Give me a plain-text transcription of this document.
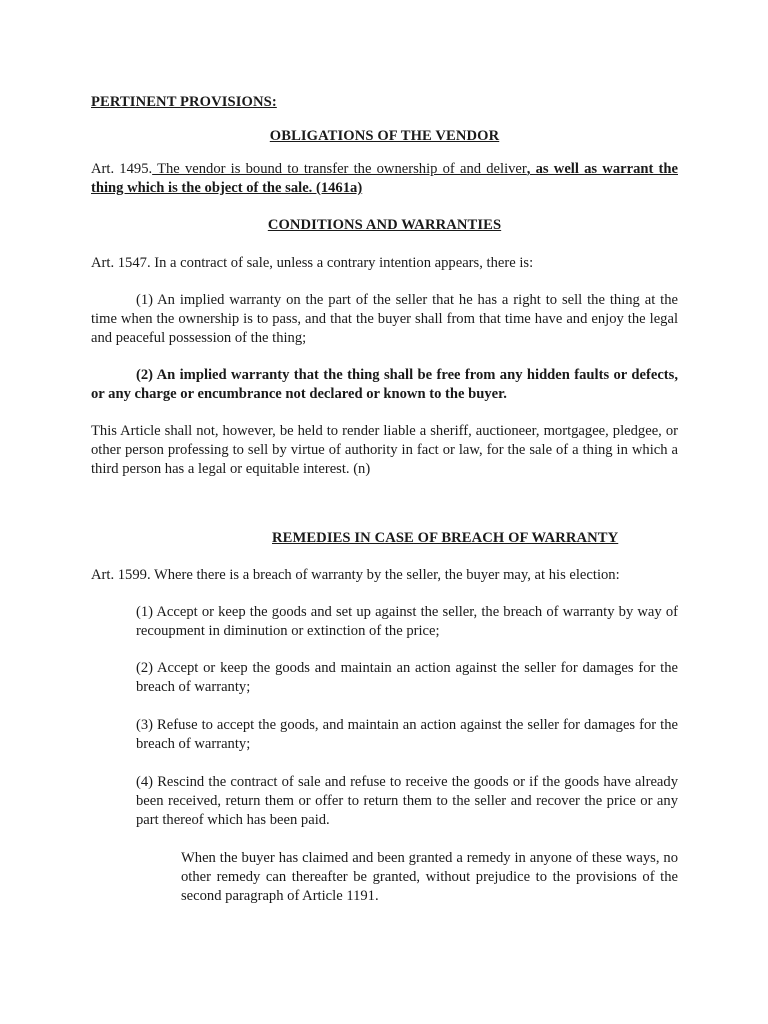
PERTINENT PROVISIONS:

OBLIGATIONS OF THE VENDOR

Art. 1495. The vendor is bound to transfer the ownership of and deliver, as well as warrant the thing which is the object of the sale. (1461a)

CONDITIONS AND WARRANTIES

Art. 1547. In a contract of sale, unless a contrary intention appears, there is:

(1) An implied warranty on the part of the seller that he has a right to sell the thing at the time when the ownership is to pass, and that the buyer shall from that time have and enjoy the legal and peaceful possession of the thing;

(2) An implied warranty that the thing shall be free from any hidden faults or defects, or any charge or encumbrance not declared or known to the buyer.

This Article shall not, however, be held to render liable a sheriff, auctioneer, mortgagee, pledgee, or other person professing to sell by virtue of authority in fact or law, for the sale of a thing in which a third person has a legal or equitable interest. (n)

REMEDIES IN CASE OF BREACH OF WARRANTY

Art. 1599. Where there is a breach of warranty by the seller, the buyer may, at his election:

(1) Accept or keep the goods and set up against the seller, the breach of warranty by way of recoupment in diminution or extinction of the price;

(2) Accept or keep the goods and maintain an action against the seller for damages for the breach of warranty;

(3) Refuse to accept the goods, and maintain an action against the seller for damages for the breach of warranty;

(4) Rescind the contract of sale and refuse to receive the goods or if the goods have already been received, return them or offer to return them to the seller and recover the price or any part thereof which has been paid.

When the buyer has claimed and been granted a remedy in anyone of these ways, no other remedy can thereafter be granted, without prejudice to the provisions of the second paragraph of Article 1191.
